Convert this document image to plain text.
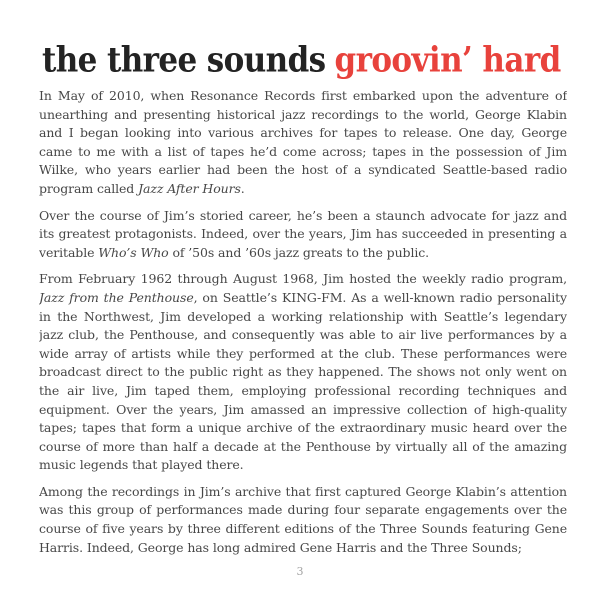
the three sounds groovin’ hard

In May of 2010, when Resonance Records first embarked upon the adventure of unearthing and presenting historical jazz recordings to the world, George Klabin and I began looking into various archives for tapes to release. One day, George came to me with a list of tapes he’d come across; tapes in the possession of Jim Wilke, who years earlier had been the host of a syndicated Seattle-based radio program called Jazz After Hours.

Over the course of Jim’s storied career, he’s been a staunch advocate for jazz and its greatest protagonists. Indeed, over the years, Jim has succeeded in presenting a veritable Who’s Who of ’50s and ’60s jazz greats to the public.

From February 1962 through August 1968, Jim hosted the weekly radio program, Jazz from the Penthouse, on Seattle’s KING-FM. As a well-known radio personality in the Northwest, Jim developed a working relationship with Seattle’s legendary jazz club, the Penthouse, and consequently was able to air live performances by a wide array of artists while they performed at the club. These performances were broadcast direct to the public right as they happened. The shows not only went on the air live, Jim taped them, employing professional recording techniques and equipment. Over the years, Jim amassed an impressive collection of high-quality tapes; tapes that form a unique archive of the extraordinary music heard over the course of more than half a decade at the Penthouse by virtually all of the amazing music legends that played there.

Among the recordings in Jim’s archive that first captured George Klabin’s attention was this group of performances made during four separate engagements over the course of five years by three different editions of the Three Sounds featuring Gene Harris. Indeed, George has long admired Gene Harris and the Three Sounds;

3
